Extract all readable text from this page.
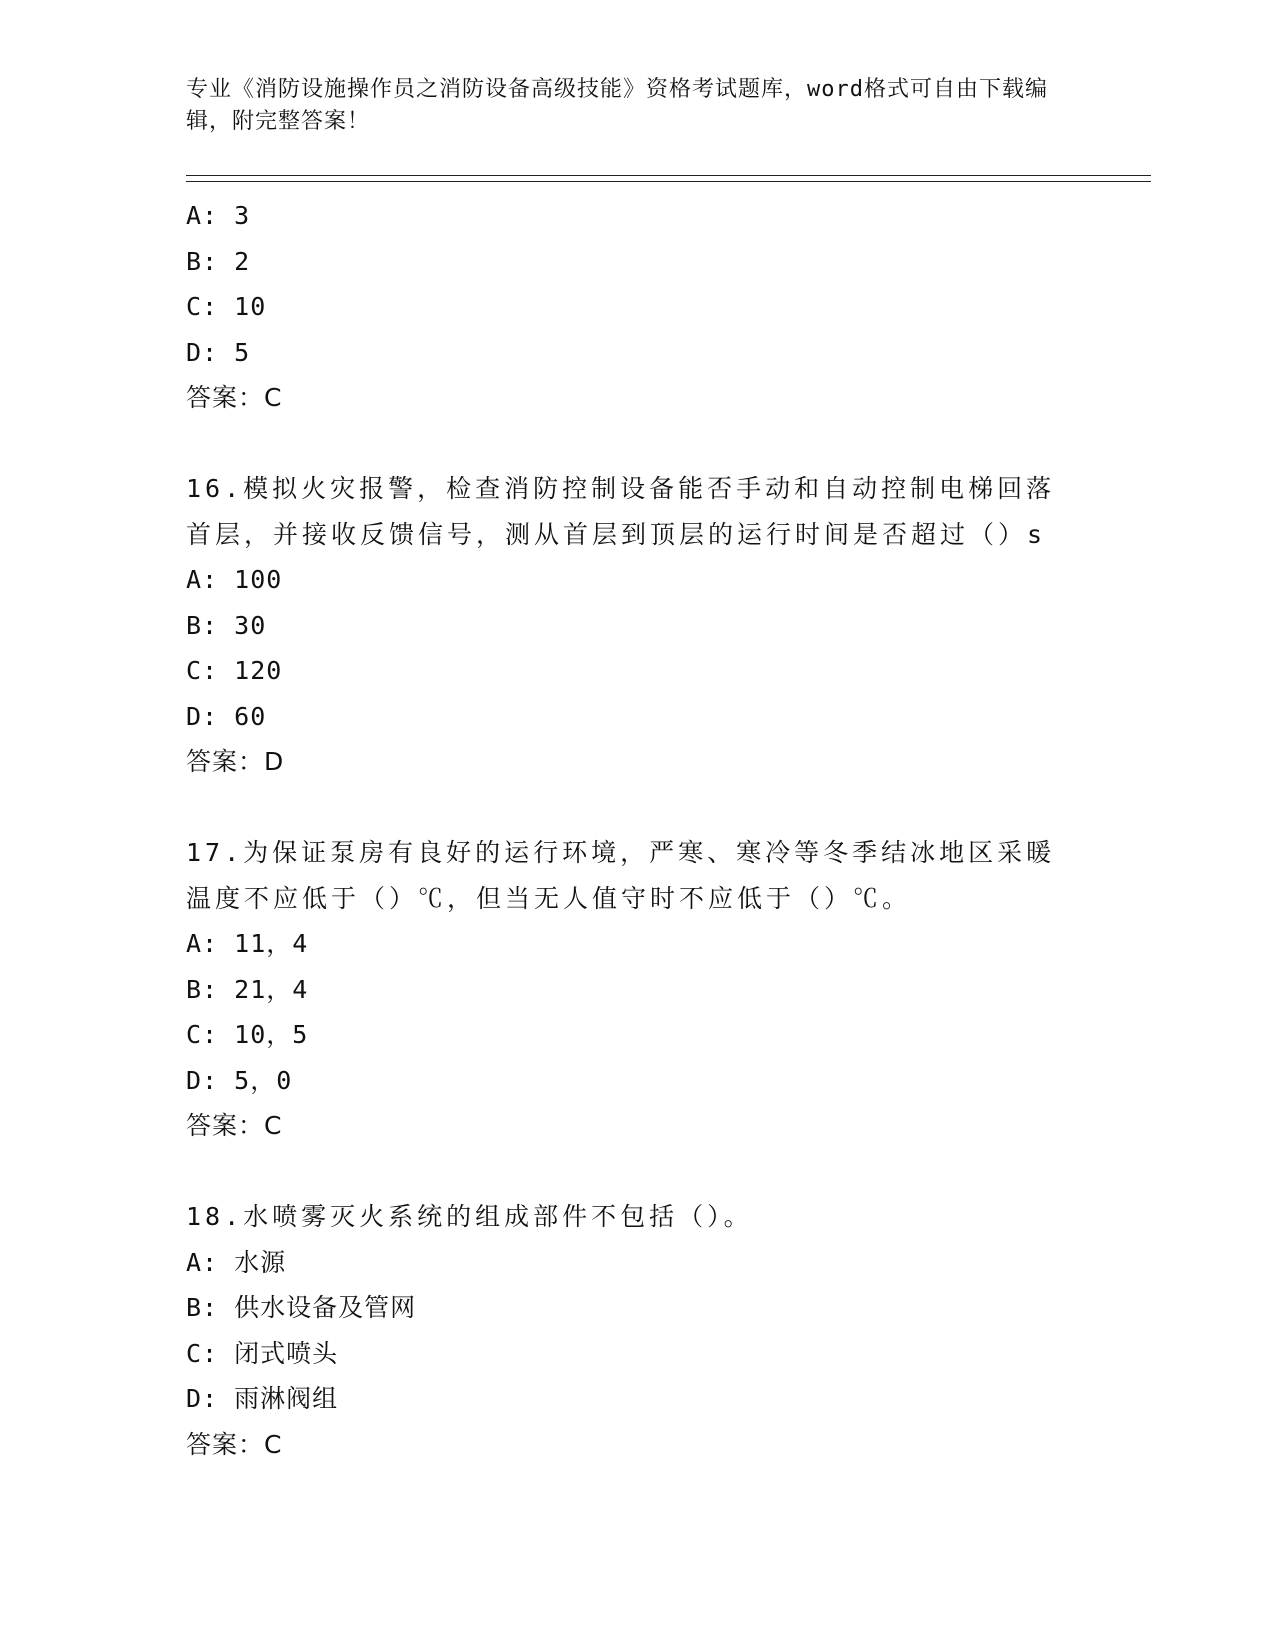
专业《消防设施操作员之消防设备高级技能》资格考试题库，word格式可自由下载编辑，附完整答案！
A: 3
B: 2
C: 10
D: 5
答案：C
16.模拟火灾报警，检查消防控制设备能否手动和自动控制电梯回落首层，并接收反馈信号，测从首层到顶层的运行时间是否超过（）s
A: 100
B: 30
C: 120
D: 60
答案：D
17.为保证泵房有良好的运行环境，严寒、寒冷等冬季结冰地区采暖温度不应低于（）℃，但当无人值守时不应低于（）℃。
A: 11，4
B: 21，4
C: 10，5
D: 5，0
答案：C
18.水喷雾灭火系统的组成部件不包括（）。
A: 水源
B: 供水设备及管网
C: 闭式喷头
D: 雨淋阀组
答案：C
